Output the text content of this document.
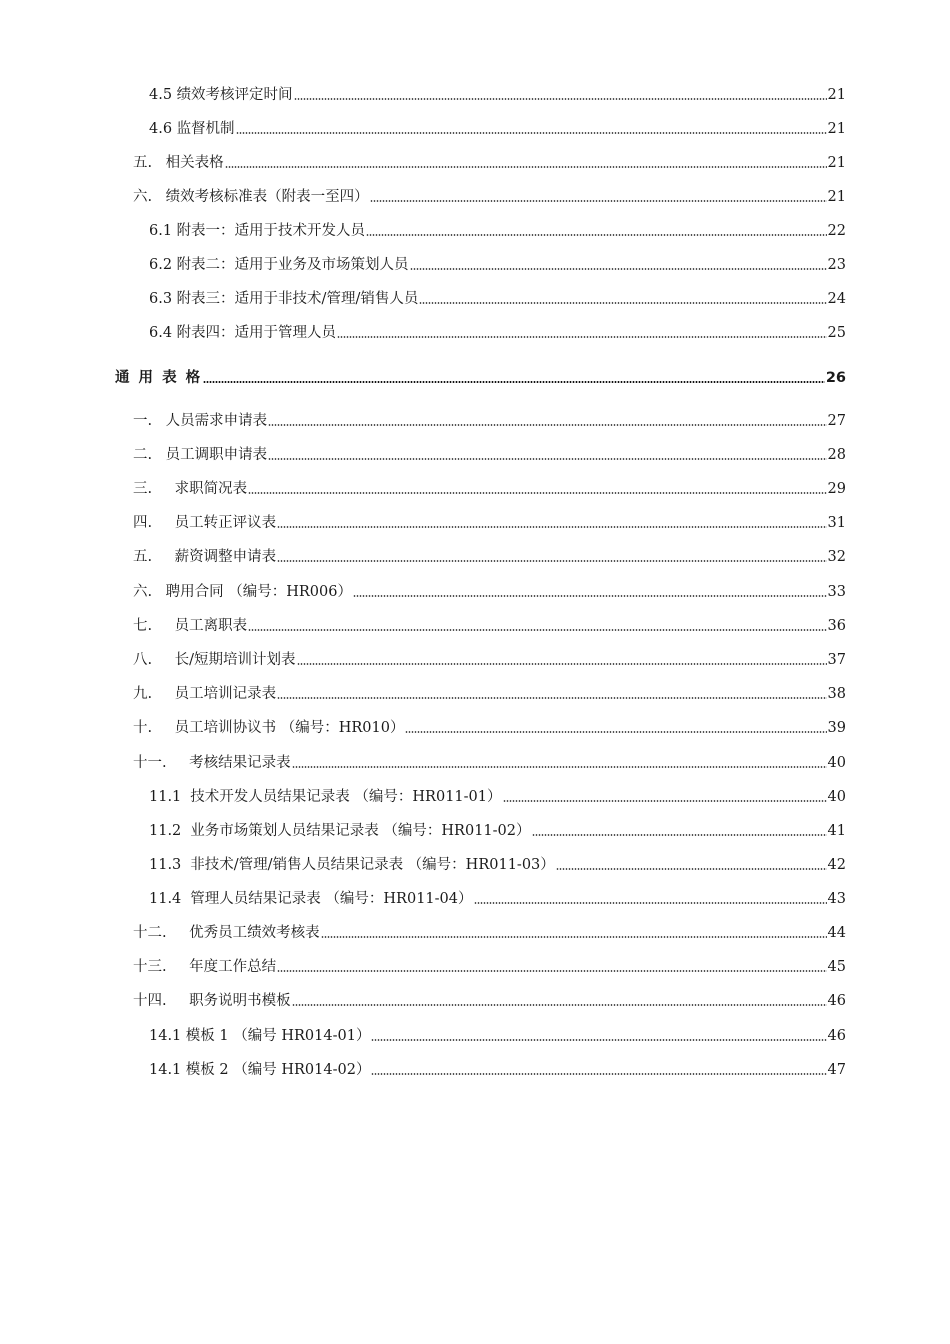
4.5 绩效考核评定时间	21
4.6 监督机制	21
五. 相关表格	21
六. 绩效考核标准表（附表一至四）	21
6.1 附表一：适用于技术开发人员	22
6.2 附表二：适用于业务及市场策划人员	23
6.3 附表三：适用于非技术/管理/销售人员	24
6.4 附表四：适用于管理人员	25
通 用 表 格	26
一. 人员需求申请表	27
二. 员工调职申请表	28
三. 求职简况表	29
四. 员工转正评议表	31
五. 薪资调整申请表	32
六. 聘用合同 （编号：HR006）	33
七. 员工离职表	36
八. 长/短期培训计划表	37
九. 员工培训记录表	38
十. 员工培训协议书 （编号：HR010）	39
十一. 考核结果记录表	40
11.1 技术开发人员结果记录表 （编号：HR011-01）	40
11.2 业务市场策划人员结果记录表 （编号：HR011-02）	41
11.3 非技术/管理/销售人员结果记录表 （编号：HR011-03）	42
11.4 管理人员结果记录表 （编号：HR011-04）	43
十二. 优秀员工绩效考核表	44
十三. 年度工作总结	45
十四. 职务说明书模板	46
14.1 模板 1 （编号 HR014-01）	46
14.1 模板 2 （编号 HR014-02）	47
